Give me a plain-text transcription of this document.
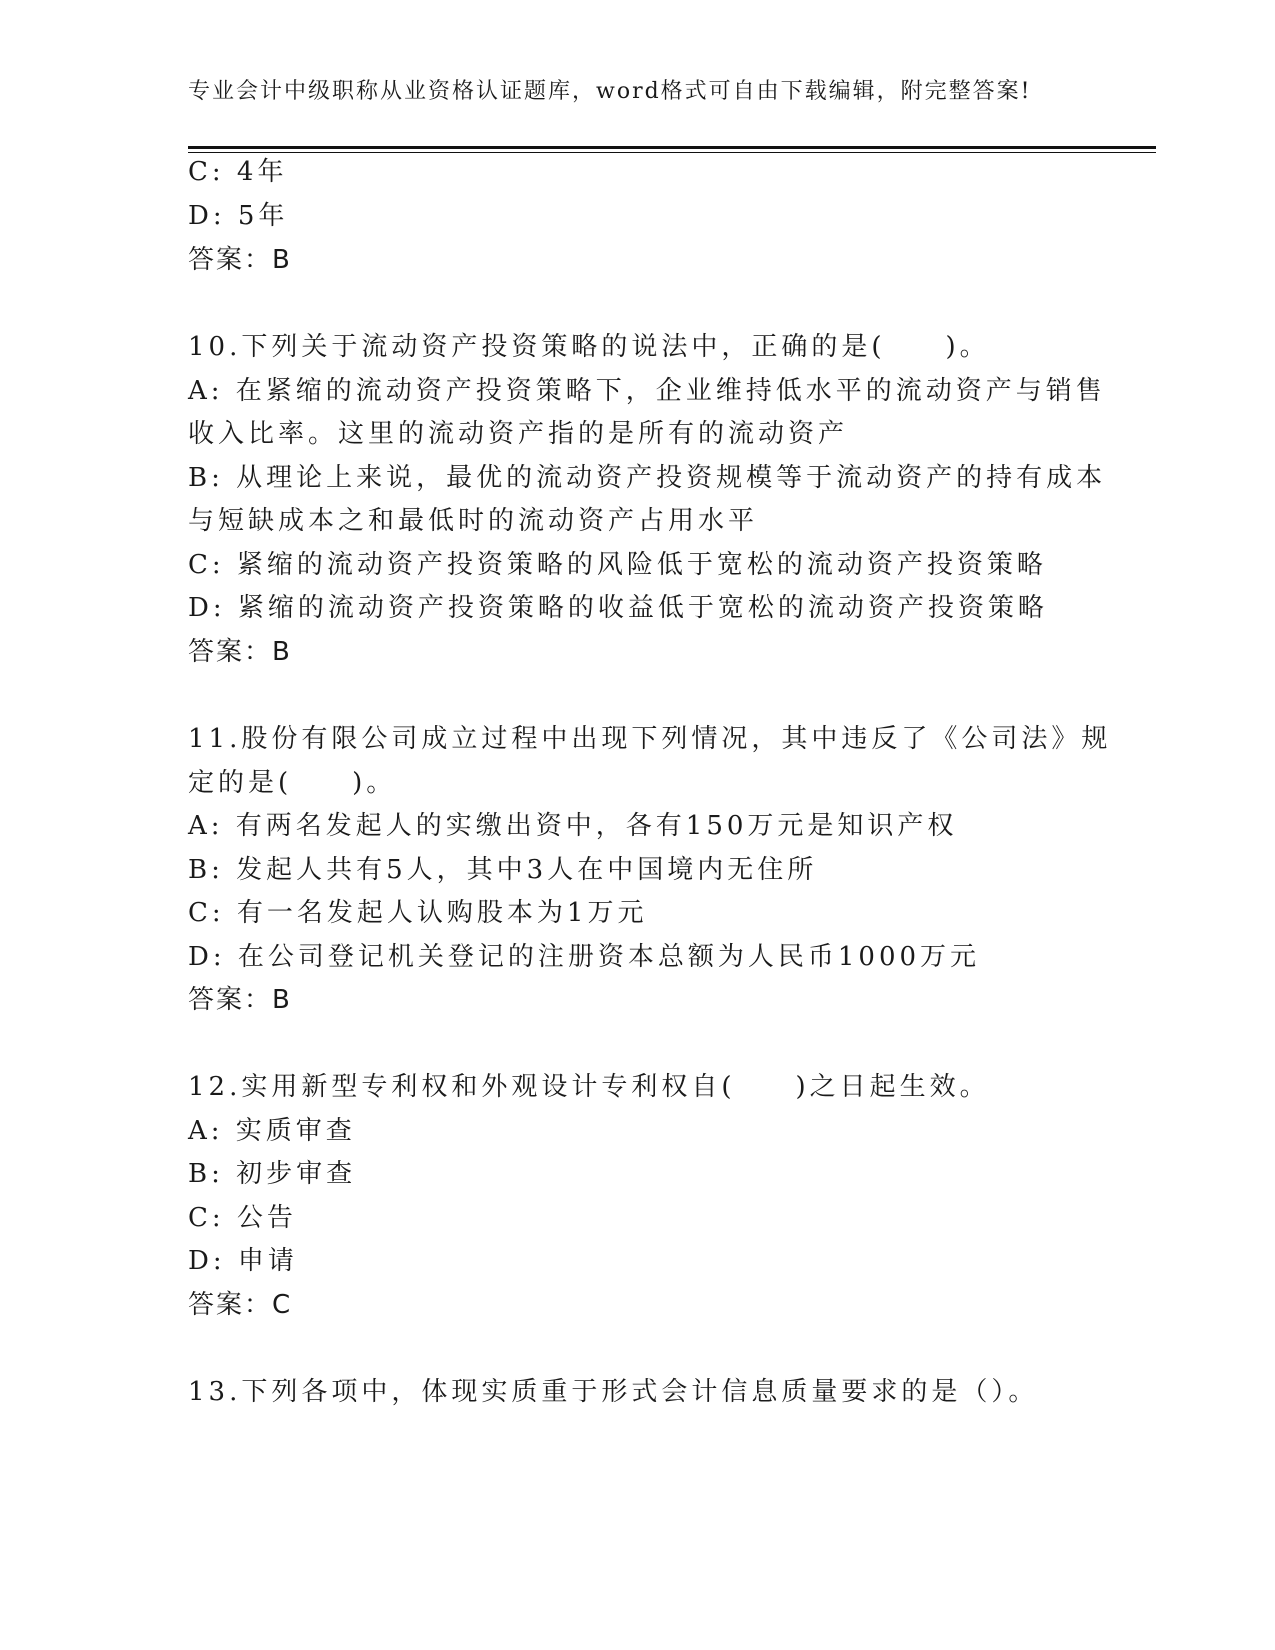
专业会计中级职称从业资格认证题库，word格式可自由下载编辑，附完整答案!
C: 4年
D: 5年
答案：B
10.下列关于流动资产投资策略的说法中，正确的是(　　)。
A: 在紧缩的流动资产投资策略下，企业维持低水平的流动资产与销售
收入比率。这里的流动资产指的是所有的流动资产
B: 从理论上来说，最优的流动资产投资规模等于流动资产的持有成本
与短缺成本之和最低时的流动资产占用水平
C: 紧缩的流动资产投资策略的风险低于宽松的流动资产投资策略
D: 紧缩的流动资产投资策略的收益低于宽松的流动资产投资策略
答案：B
11.股份有限公司成立过程中出现下列情况，其中违反了《公司法》规
定的是(　　)。
A: 有两名发起人的实缴出资中，各有150万元是知识产权
B: 发起人共有5人，其中3人在中国境内无住所
C: 有一名发起人认购股本为1万元
D: 在公司登记机关登记的注册资本总额为人民币1000万元
答案：B
12.实用新型专利权和外观设计专利权自(　　)之日起生效。
A: 实质审查
B: 初步审查
C: 公告
D: 申请
答案：C
13.下列各项中，体现实质重于形式会计信息质量要求的是（）。
